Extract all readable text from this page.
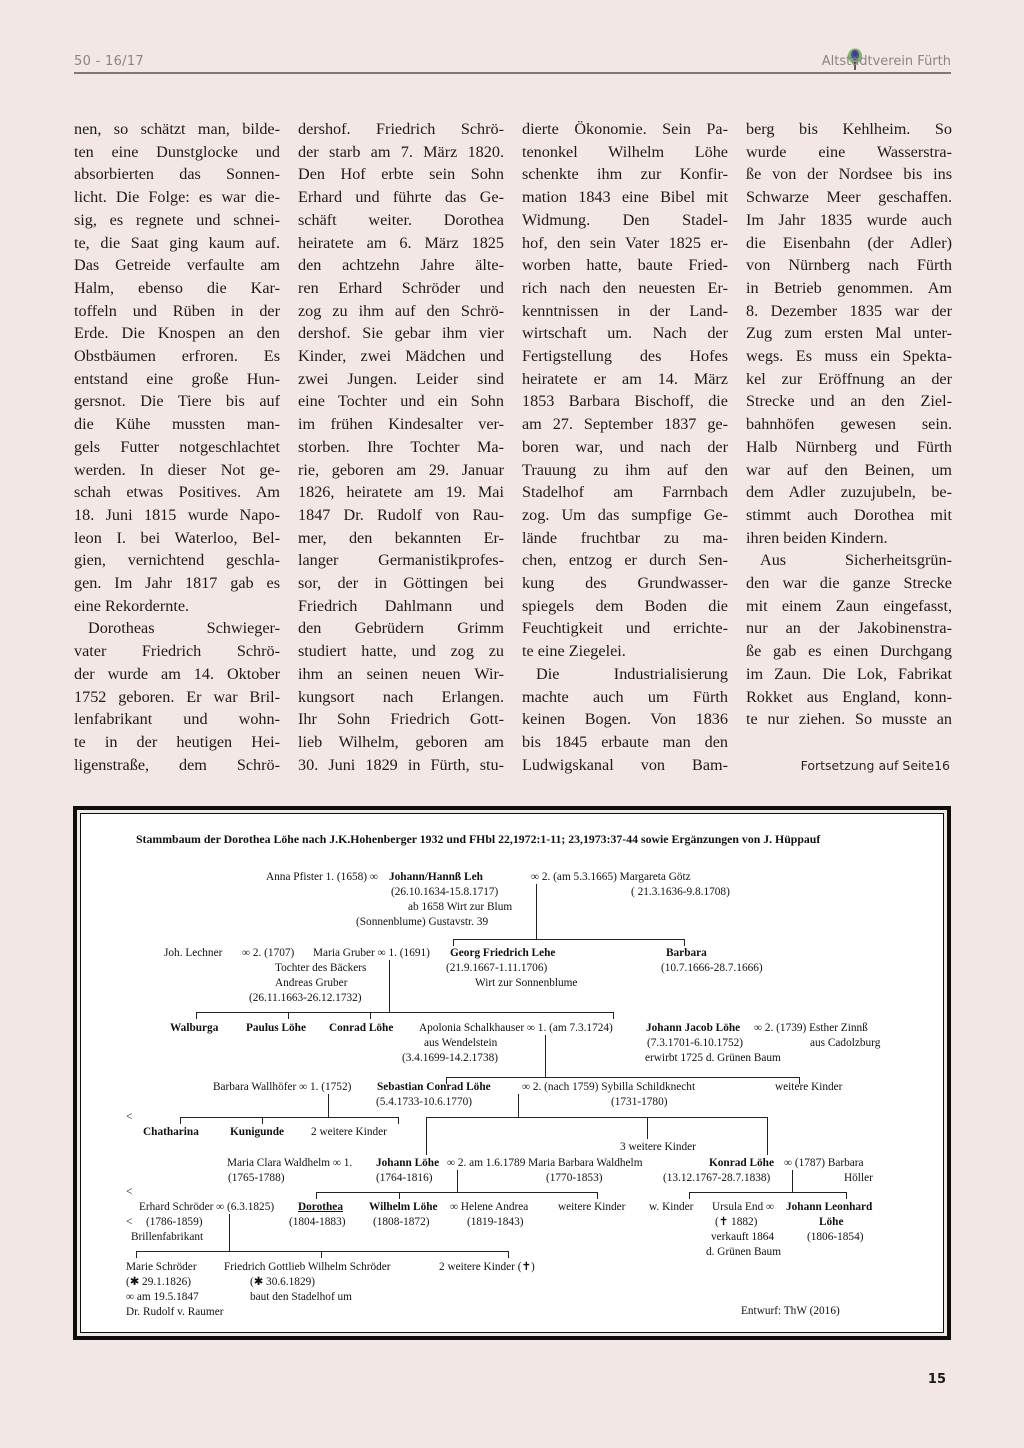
50 - 16/17	Altstadtverein Fürth
nen, so schätzt man, bilde-
ten eine Dunstglocke und
absorbierten das Sonnen-
licht. Die Folge: es war die-
sig, es regnete und schnei-
te, die Saat ging kaum auf.
Das Getreide verfaulte am
Halm, ebenso die Kar-
toffeln und Rüben in der
Erde. Die Knospen an den
Obstbäumen erfroren. Es
entstand eine große Hun-
gersnot. Die Tiere bis auf
die Kühe mussten man-
gels Futter notgeschlachtet
werden. In dieser Not ge-
schah etwas Positives. Am
18. Juni 1815 wurde Napo-
leon I. bei Waterloo, Bel-
gien, vernichtend geschla-
gen. Im Jahr 1817 gab es
eine Rekordernte.
Dorotheas Schwieger-
vater Friedrich Schrö-
der wurde am 14. Oktober
1752 geboren. Er war Bril-
lenfabrikant und wohn-
te in der heutigen Hei-
ligenstraße, dem Schrö-
dershof. Friedrich Schrö-
der starb am 7. März 1820.
Den Hof erbte sein Sohn
Erhard und führte das Ge-
schäft weiter. Dorothea
heiratete am 6. März 1825
den achtzehn Jahre älte-
ren Erhard Schröder und
zog zu ihm auf den Schrö-
dershof. Sie gebar ihm vier
Kinder, zwei Mädchen und
zwei Jungen. Leider sind
eine Tochter und ein Sohn
im frühen Kindesalter ver-
storben. Ihre Tochter Ma-
rie, geboren am 29. Januar
1826, heiratete am 19. Mai
1847 Dr. Rudolf von Rau-
mer, den bekannten Er-
langer Germanistikprofes-
sor, der in Göttingen bei
Friedrich Dahlmann und
den Gebrüdern Grimm
studiert hatte, und zog zu
ihm an seinen neuen Wir-
kungsort nach Erlangen.
Ihr Sohn Friedrich Gott-
lieb Wilhelm, geboren am
30. Juni 1829 in Fürth, stu-
dierte Ökonomie. Sein Pa-
tenonkel Wilhelm Löhe
schenkte ihm zur Konfir-
mation 1843 eine Bibel mit
Widmung. Den Stadel-
hof, den sein Vater 1825 er-
worben hatte, baute Fried-
rich nach den neuesten Er-
kenntnissen in der Land-
wirtschaft um. Nach der
Fertigstellung des Hofes
heiratete er am 14. März
1853 Barbara Bischoff, die
am 27. September 1837 ge-
boren war, und nach der
Trauung zu ihm auf den
Stadelhof am Farrnbach
zog. Um das sumpfige Ge-
lände fruchtbar zu ma-
chen, entzog er durch Sen-
kung des Grundwasser-
spiegels dem Boden die
Feuchtigkeit und errichte-
te eine Ziegelei.
Die Industrialisierung
machte auch um Fürth
keinen Bogen. Von 1836
bis 1845 erbaute man den
Ludwigskanal von Bam-
berg bis Kehlheim. So
wurde eine Wasserstra-
ße von der Nordsee bis ins
Schwarze Meer geschaffen.
Im Jahr 1835 wurde auch
die Eisenbahn (der Adler)
von Nürnberg nach Fürth
in Betrieb genommen. Am
8. Dezember 1835 war der
Zug zum ersten Mal unter-
wegs. Es muss ein Spekta-
kel zur Eröffnung an der
Strecke und an den Ziel-
bahnhöfen gewesen sein.
Halb Nürnberg und Fürth
war auf den Beinen, um
dem Adler zuzujubeln, be-
stimmt auch Dorothea mit
ihren beiden Kindern.
Aus Sicherheitsgrün-
den war die ganze Strecke
mit einem Zaun eingefasst,
nur an der Jakobinenstra-
ße gab es einen Durchgang
im Zaun. Die Lok, Fabrikat
Rokket aus England, konn-
te nur ziehen. So musste an
Fortsetzung auf Seite16
Stammbaum der Dorothea Löhe nach J.K.Hohenberger 1932 und FHbl 22,1972:1-11; 23,1973:37-44 sowie Ergänzungen von J. Hüppauf
Anna Pfister 1. (1658) ∞ Johann/Hannß Leh
(26.10.1634-15.8.1717)
ab 1658 Wirt zur Blum
(Sonnenblume) Gustavstr. 39
∞ 2. (am 5.3.1665) Margareta Götz
( 21.3.1636-9.8.1708)
Joh. Lechner ∞ 2. (1707) Maria Gruber ∞ 1. (1691)
Tochter des Bäckers
Andreas Gruber
(26.11.1663-26.12.1732)
Georg Friedrich Lehe
(21.9.1667-1.11.1706)
Wirt zur Sonnenblume
Barbara
(10.7.1666-28.7.1666)
Walburga Paulus Löhe Conrad Löhe Apolonia Schalkhauser ∞ 1. (am 7.3.1724)
aus Wendelstein
(3.4.1699-14.2.1738)
Johann Jacob Löhe
(7.3.1701-6.10.1752)
erwirbt 1725 d. Grünen Baum
∞ 2. (1739) Esther Zinnß
aus Cadolzburg
Barbara Wallhöfer ∞ 1. (1752) Sebastian Conrad Löhe	∞ 2. (nach 1759) Sybilla Schildknecht
(5.4.1733-10.6.1770)	(1731-1780)
weitere Kinder
<
Chatharina	Kunigunde 2 weitere Kinder
3 weitere Kinder
Maria Clara Waldhelm ∞ 1.
(1765-1788)
Johann Löhe
(1764-1816)
∞ 2. am 1.6.1789 Maria Barbara Waldhelm
(1770-1853)
Konrad Löhe ∞ (1787) Barbara
(13.12.1767-28.7.1838)	Höller
<
Erhard Schröder ∞ (6.3.1825) Dorothea
< (1786-1859)
Brillenfabrikant
(1804-1883)
Wilhelm Löhe ∞ Helene Andrea
(1808-1872)	(1819-1843)
weitere Kinder w. Kinder Ursula End ∞
(✝ 1882)
verkauft 1864
d. Grünen Baum
Johann Leonhard
Löhe
(1806-1854)
Marie Schröder
(✱ 29.1.1826)
∞ am 19.5.1847
Dr. Rudolf v. Raumer
Friedrich Gottlieb Wilhelm Schröder
(✱ 30.6.1829)
baut den Stadelhof um
2 weitere Kinder (✝)
Entwurf: ThW (2016)
15
